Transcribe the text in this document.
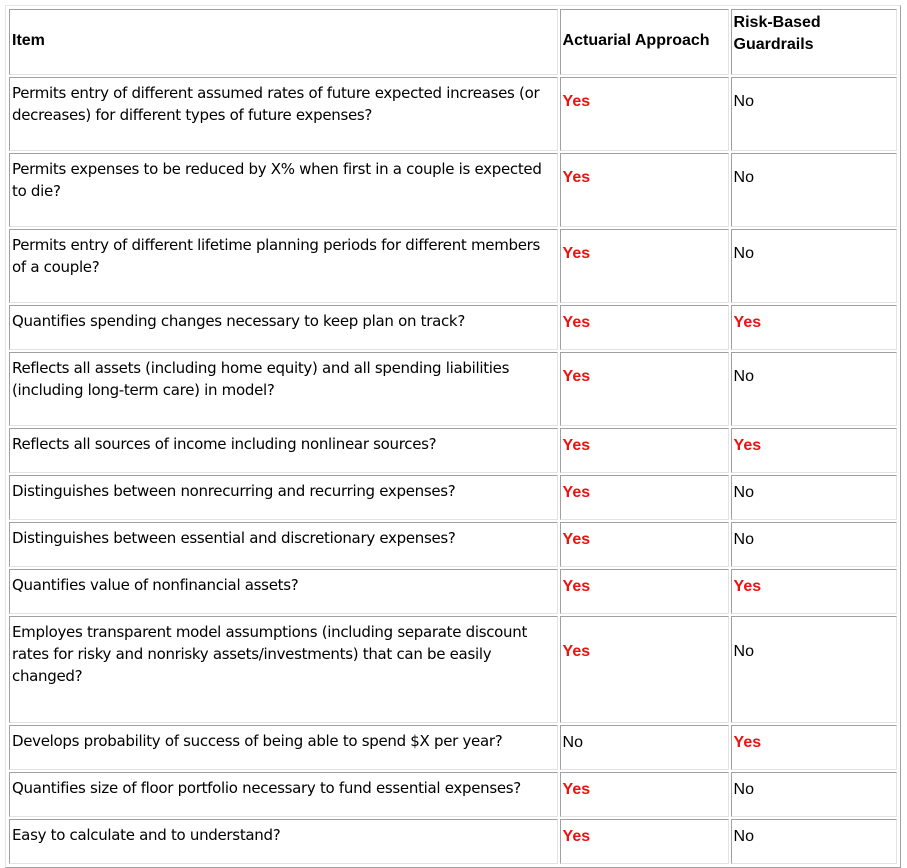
Item	Actuarial Approach	Risk-Based Guardrails
Permits entry of different assumed rates of future expected increases (or decreases) for different types of future expenses?	Yes	No
Permits expenses to be reduced by X% when first in a couple is expected to die?	Yes	No
Permits entry of different lifetime planning periods for different members of a couple?	Yes	No
Quantifies spending changes necessary to keep plan on track?	Yes	Yes
Reflects all assets (including home equity) and all spending liabilities (including long-term care) in model?	Yes	No
Reflects all sources of income including nonlinear sources?	Yes	Yes
Distinguishes between nonrecurring and recurring expenses?	Yes	No
Distinguishes between essential and discretionary expenses?	Yes	No
Quantifies value of nonfinancial assets?	Yes	Yes
Employes transparent model assumptions (including separate discount rates for risky and nonrisky assets/investments) that can be easily changed?	Yes	No
Develops probability of success of being able to spend $X per year?	No	Yes
Quantifies size of floor portfolio necessary to fund essential expenses?	Yes	No
Easy to calculate and to understand?	Yes	No
